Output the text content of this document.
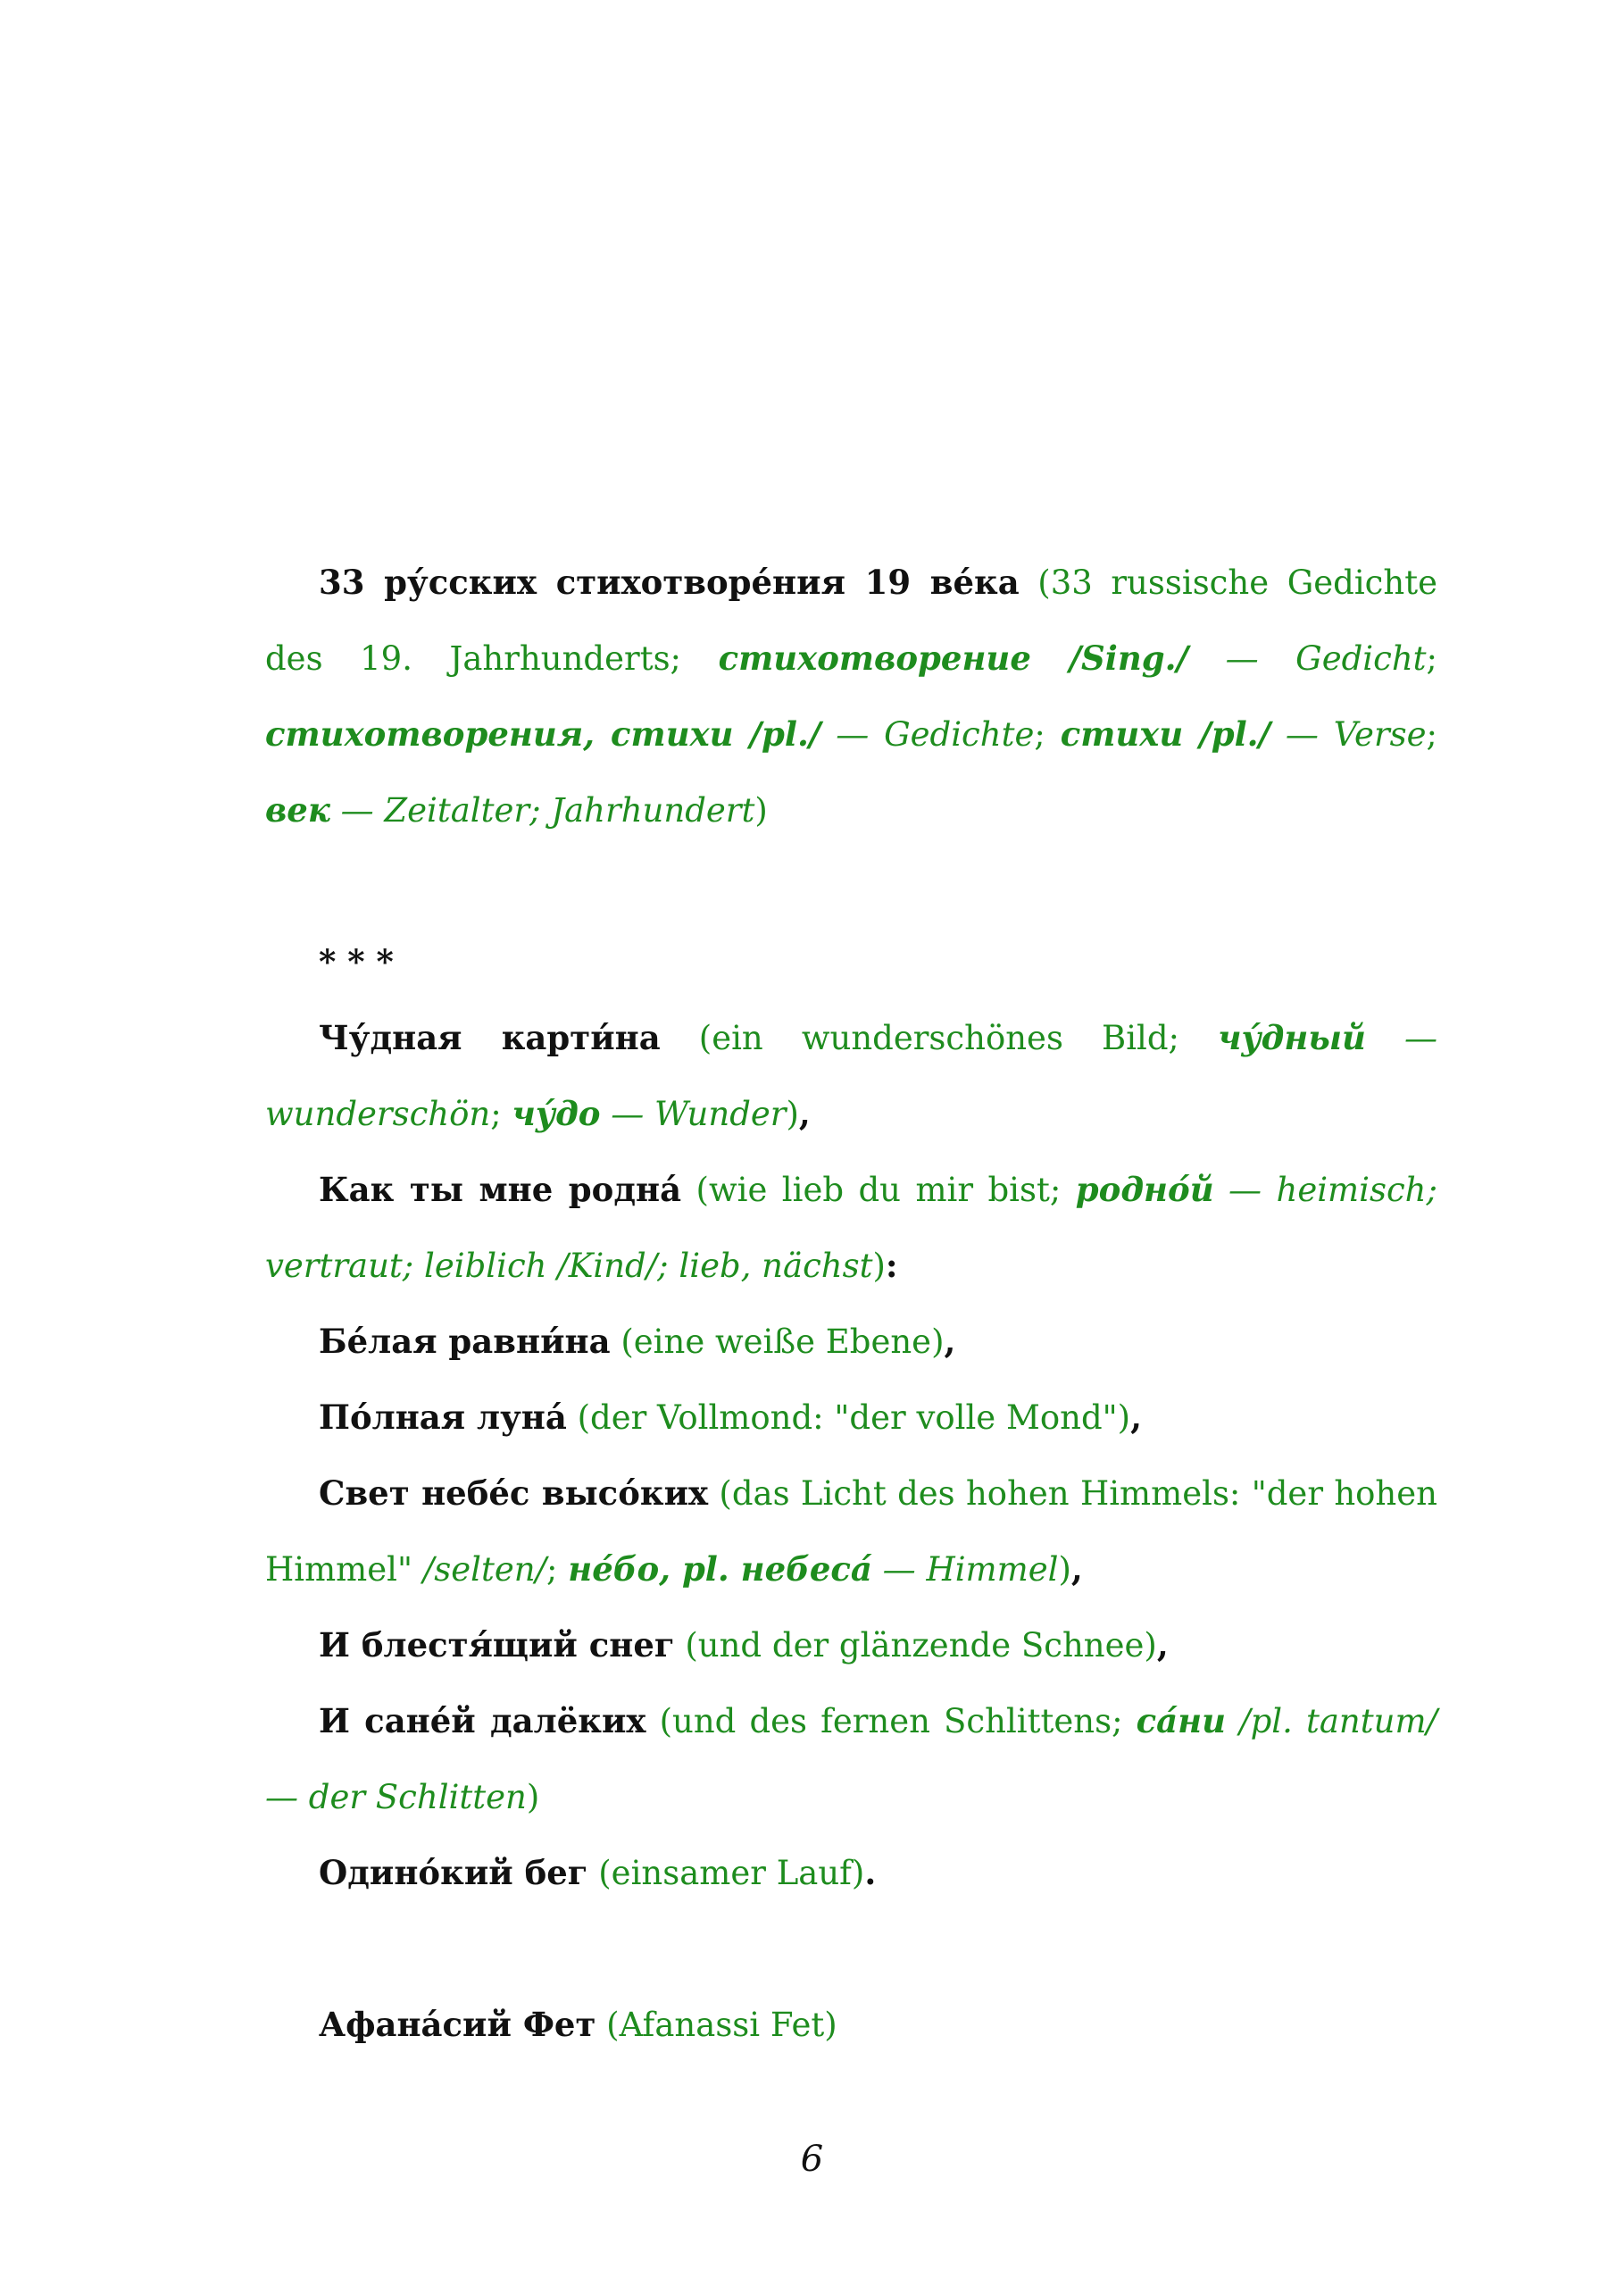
33 ру́сских стихотворе́ния 19 ве́ка (33 russische Gedichte des 19. Jahrhunderts; стихотворение /Sing./ — Gedicht; стихотворения, стихи /pl./ — Gedichte; стихи /pl./ — Verse; век — Zeitalter; Jahrhundert)

* * *

Чу́дная карти́на (ein wunderschönes Bild; чу́дный — wunderschön; чу́до — Wunder),

Как ты мне родна́ (wie lieb du mir bist; родно́й — heimisch; vertraut; leiblich /Kind/; lieb, nächst):

Бе́лая равни́на (eine weiße Ebene),

По́лная луна́ (der Vollmond: "der volle Mond"),

Свет небе́с высо́ких (das Licht des hohen Himmels: "der hohen Himmel" /selten/; не́бо, pl. небеса́ — Himmel),

И блестя́щий снег (und der glänzende Schnee),

И сане́й далёких (und des fernen Schlittens; са́ни /pl. tantum/ — der Schlitten)

Одино́кий бег (einsamer Lauf).

Афана́сий Фет (Afanassi Fet)

6
